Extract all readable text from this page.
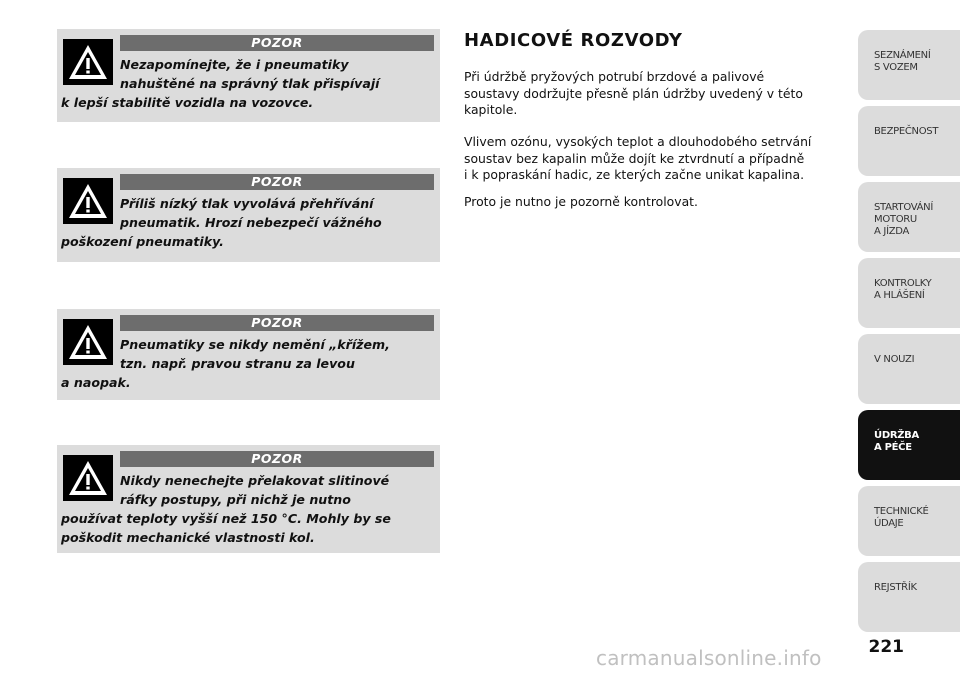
POZOR
Nezapomínejte, že i pneumatiky
nahuštěné na správný tlak přispívají
k lepší stabilitě vozidla na vozovce.
POZOR
Příliš nízký tlak vyvolává přehřívání
pneumatik. Hrozí nebezpečí vážného
poškození pneumatiky.
POZOR
Pneumatiky se nikdy nemění „křížem,
tzn. např. pravou stranu za levou
a naopak.
POZOR
Nikdy nenechejte přelakovat slitinové
ráfky postupy, při nichž je nutno
používat teploty vyšší než 150 °C. Mohly by se
poškodit mechanické vlastnosti kol.
HADICOVÉ ROZVODY

Při údržbě pryžových potrubí brzdové a palivové
soustavy dodržujte přesně plán údržby uvedený v této
kapitole.

Vlivem ozónu, vysokých teplot a dlouhodobého setrvání
soustav bez kapalin může dojít ke ztvrdnutí a případně
i k popraskání hadic, ze kterých začne unikat kapalina.

Proto je nutno je pozorně kontrolovat.

SEZNÁMENÍ
S VOZEM
BEZPEČNOST
STARTOVÁNÍ
MOTORU
A JÍZDA
KONTROLKY
A HLÁŠENÍ
V NOUZI
ÚDRŽBA
A PÉČE
TECHNICKÉ
ÚDAJE
REJSTŘÍK
221
carmanualsonline.info
